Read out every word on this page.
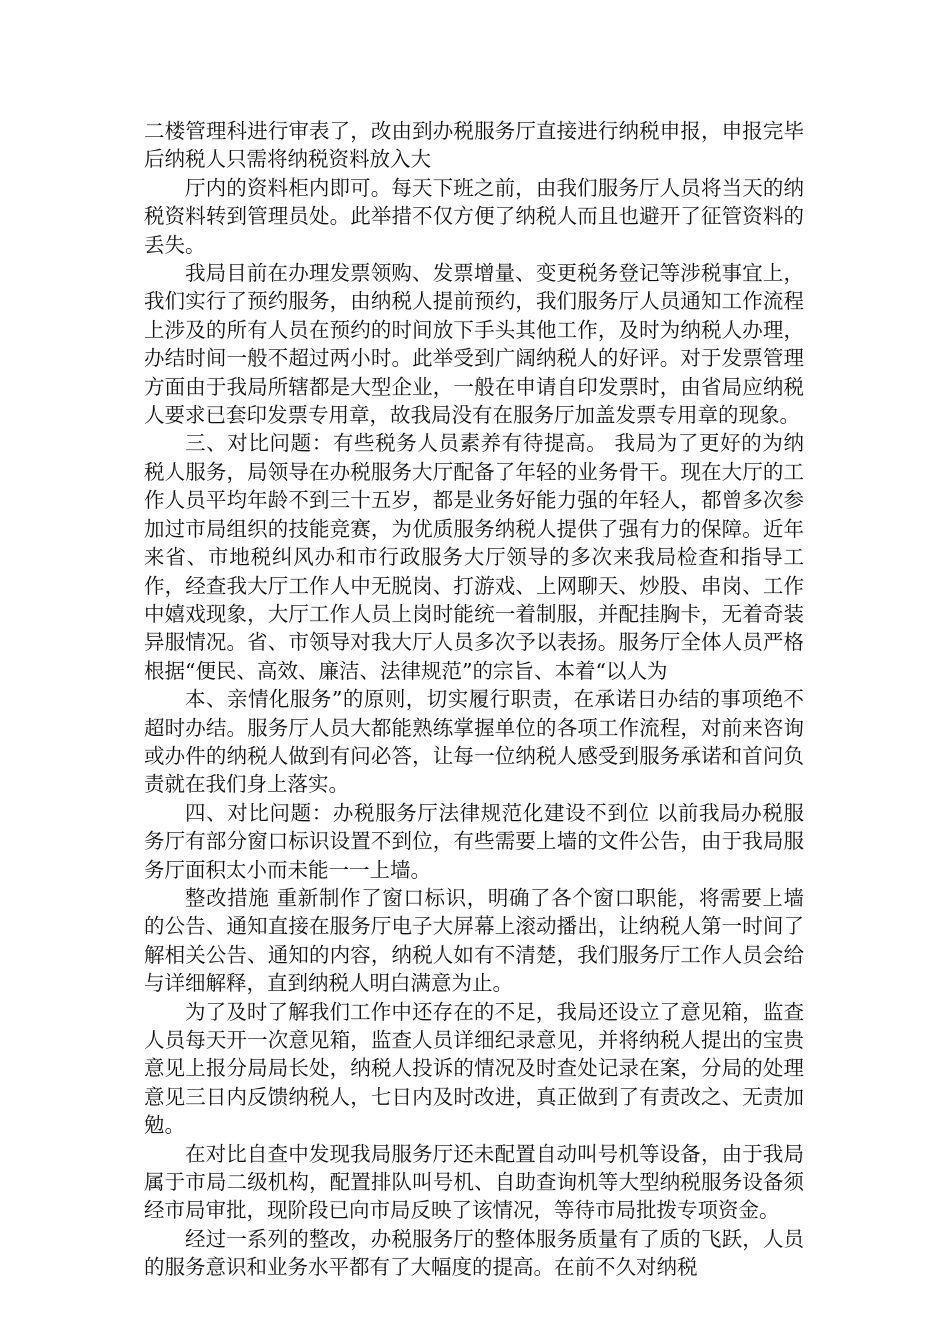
二楼管理科进行审表了，改由到办税服务厅直接进行纳税申报，申报完毕后纳税人只需将纳税资料放入大

厅内的资料柜内即可。每天下班之前，由我们服务厅人员将当天的纳税资料转到管理员处。此举措不仅方便了纳税人而且也避开了征管资料的丢失。

我局目前在办理发票领购、发票增量、变更税务登记等涉税事宜上，我们实行了预约服务，由纳税人提前预约，我们服务厅人员通知工作流程上涉及的所有人员在预约的时间放下手头其他工作，及时为纳税人办理，办结时间一般不超过两小时。此举受到广阔纳税人的好评。对于发票管理方面由于我局所辖都是大型企业，一般在申请自印发票时，由省局应纳税人要求已套印发票专用章，故我局没有在服务厅加盖发票专用章的现象。

三、对比问题：有些税务人员素养有待提高。 我局为了更好的为纳税人服务，局领导在办税服务大厅配备了年轻的业务骨干。现在大厅的工作人员平均年龄不到三十五岁，都是业务好能力强的年轻人，都曾多次参加过市局组织的技能竞赛，为优质服务纳税人提供了强有力的保障。近年来省、市地税纠风办和市行政服务大厅领导的多次来我局检查和指导工作，经查我大厅工作人中无脱岗、打游戏、上网聊天、炒股、串岗、工作中嬉戏现象，大厅工作人员上岗时能统一着制服，并配挂胸卡，无着奇装异服情况。省、市领导对我大厅人员多次予以表扬。服务厅全体人员严格根据“便民、高效、廉洁、法律规范”的宗旨、本着“以人为

本、亲情化服务”的原则，切实履行职责，在承诺日办结的事项绝不超时办结。服务厅人员大都能熟练掌握单位的各项工作流程，对前来咨询或办件的纳税人做到有问必答，让每一位纳税人感受到服务承诺和首问负责就在我们身上落实。

四、对比问题：办税服务厅法律规范化建设不到位 以前我局办税服务厅有部分窗口标识设置不到位，有些需要上墙的文件公告，由于我局服务厅面积太小而未能一一上墙。

整改措施 重新制作了窗口标识，明确了各个窗口职能，将需要上墙的公告、通知直接在服务厅电子大屏幕上滚动播出，让纳税人第一时间了解相关公告、通知的内容，纳税人如有不清楚，我们服务厅工作人员会给与详细解释，直到纳税人明白满意为止。

为了及时了解我们工作中还存在的不足，我局还设立了意见箱，监查人员每天开一次意见箱，监查人员详细纪录意见，并将纳税人提出的宝贵意见上报分局局长处，纳税人投诉的情况及时查处记录在案，分局的处理意见三日内反馈纳税人，七日内及时改进，真正做到了有责改之、无责加勉。

在对比自查中发现我局服务厅还未配置自动叫号机等设备，由于我局属于市局二级机构，配置排队叫号机、自助查询机等大型纳税服务设备须经市局审批，现阶段已向市局反映了该情况，等待市局批拨专项资金。

经过一系列的整改，办税服务厅的整体服务质量有了质的飞跃，人员的服务意识和业务水平都有了大幅度的提高。在前不久对纳税
